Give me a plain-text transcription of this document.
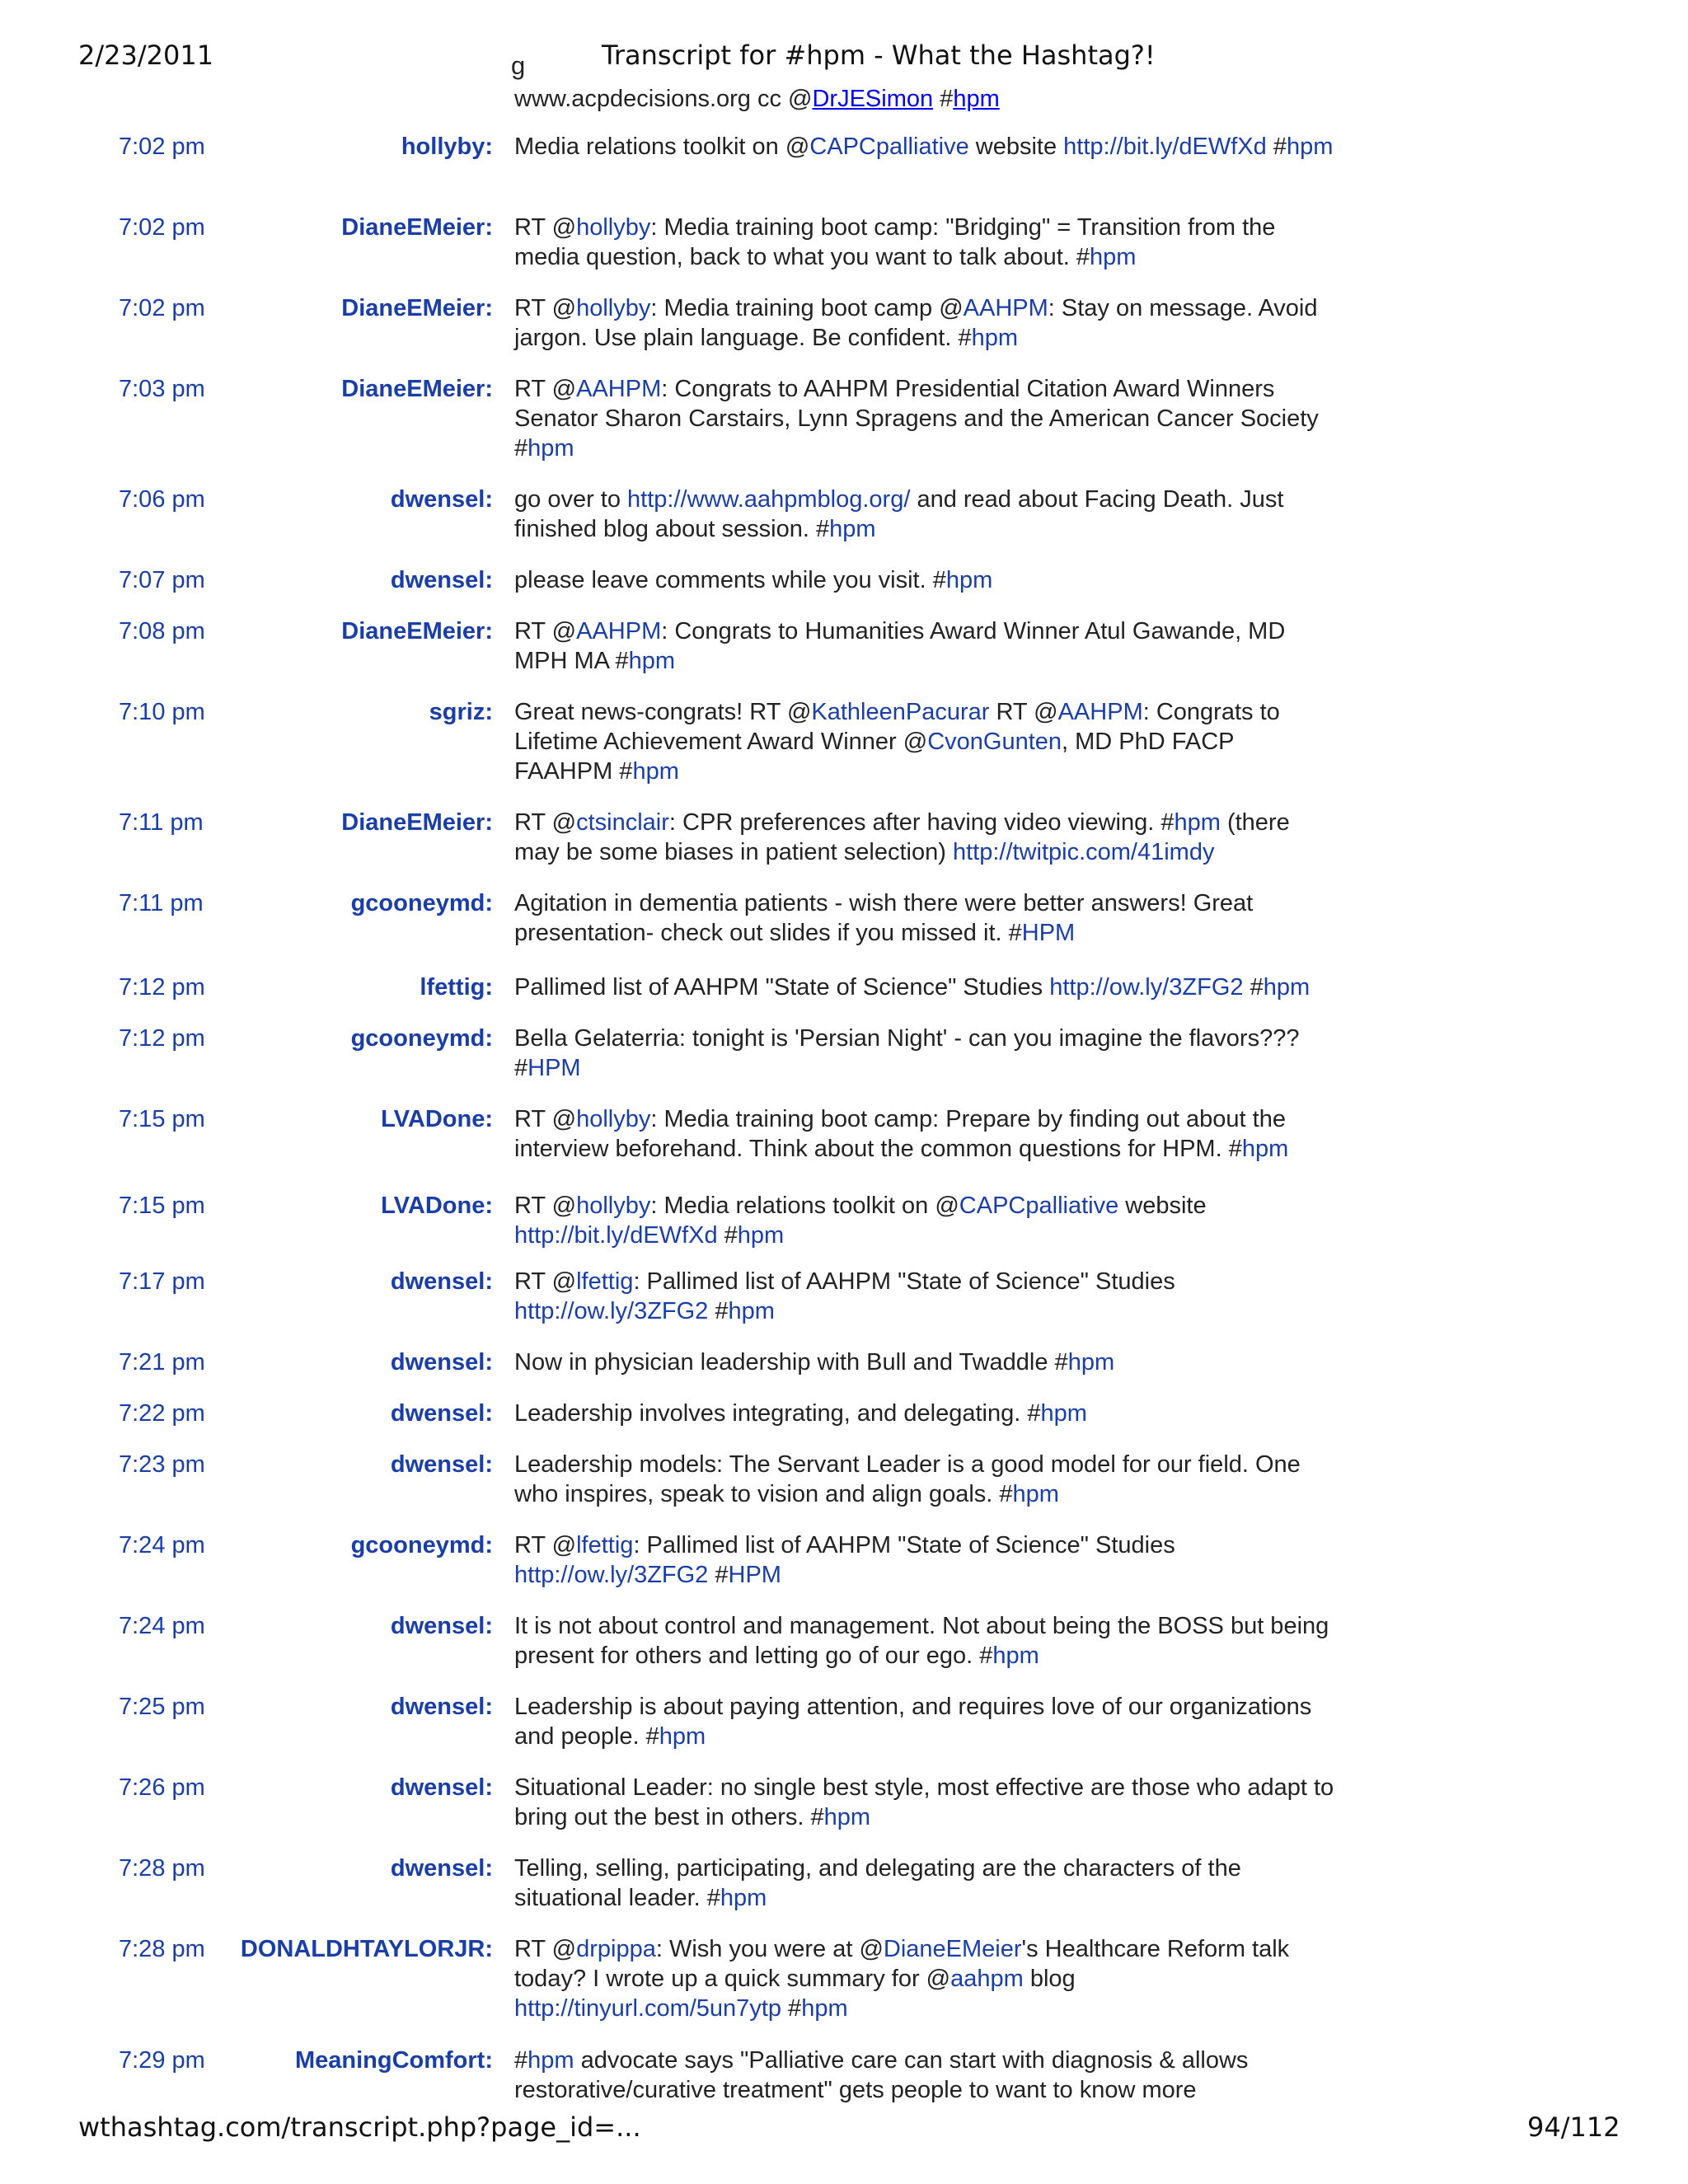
2/23/2011	Transcript for #hpm - What the Hashtag?!
g
www.acpdecisions.org cc @DrJESimon #hpm
7:02 pm	hollyby: Media relations toolkit on @CAPCpalliative website http://bit.ly/dEWfXd #hpm
7:02 pm	DianeEMeier: RT @hollyby: Media training boot camp: "Bridging" = Transition from the media question, back to what you want to talk about. #hpm
7:02 pm	DianeEMeier: RT @hollyby: Media training boot camp @AAHPM: Stay on message. Avoid jargon. Use plain language. Be confident. #hpm
7:03 pm	DianeEMeier: RT @AAHPM: Congrats to AAHPM Presidential Citation Award Winners Senator Sharon Carstairs, Lynn Spragens and the American Cancer Society #hpm
7:06 pm	dwensel: go over to http://www.aahpmblog.org/ and read about Facing Death. Just finished blog about session. #hpm
7:07 pm	dwensel: please leave comments while you visit. #hpm
7:08 pm	DianeEMeier: RT @AAHPM: Congrats to Humanities Award Winner Atul Gawande, MD MPH MA #hpm
7:10 pm	sgriz: Great news-congrats! RT @KathleenPacurar RT @AAHPM: Congrats to Lifetime Achievement Award Winner @CvonGunten, MD PhD FACP FAAHPM #hpm
7:11 pm	DianeEMeier: RT @ctsinclair: CPR preferences after having video viewing. #hpm (there may be some biases in patient selection) http://twitpic.com/41imdy
7:11 pm	gcooneymd: Agitation in dementia patients - wish there were better answers! Great presentation- check out slides if you missed it. #HPM
7:12 pm	lfettig: Pallimed list of AAHPM "State of Science" Studies http://ow.ly/3ZFG2 #hpm
7:12 pm	gcooneymd: Bella Gelaterria: tonight is 'Persian Night' - can you imagine the flavors??? #HPM
7:15 pm	LVADone: RT @hollyby: Media training boot camp: Prepare by finding out about the interview beforehand. Think about the common questions for HPM. #hpm
7:15 pm	LVADone: RT @hollyby: Media relations toolkit on @CAPCpalliative website http://bit.ly/dEWfXd #hpm
7:17 pm	dwensel: RT @lfettig: Pallimed list of AAHPM "State of Science" Studies http://ow.ly/3ZFG2 #hpm
7:21 pm	dwensel: Now in physician leadership with Bull and Twaddle #hpm
7:22 pm	dwensel: Leadership involves integrating, and delegating. #hpm
7:23 pm	dwensel: Leadership models: The Servant Leader is a good model for our field. One who inspires, speak to vision and align goals. #hpm
7:24 pm	gcooneymd: RT @lfettig: Pallimed list of AAHPM "State of Science" Studies http://ow.ly/3ZFG2 #HPM
7:24 pm	dwensel: It is not about control and management. Not about being the BOSS but being present for others and letting go of our ego. #hpm
7:25 pm	dwensel: Leadership is about paying attention, and requires love of our organizations and people. #hpm
7:26 pm	dwensel: Situational Leader: no single best style, most effective are those who adapt to bring out the best in others. #hpm
7:28 pm	dwensel: Telling, selling, participating, and delegating are the characters of the situational leader. #hpm
7:28 pm DONALDHTAYLORJR: RT @drpippa: Wish you were at @DianeEMeier's Healthcare Reform talk today? I wrote up a quick summary for @aahpm blog http://tinyurl.com/5un7ytp #hpm
7:29 pm	MeaningComfort: #hpm advocate says "Palliative care can start with diagnosis & allows restorative/curative treatment" gets people to want to know more
wthashtag.com/transcript.php?page_id=...	94/112
